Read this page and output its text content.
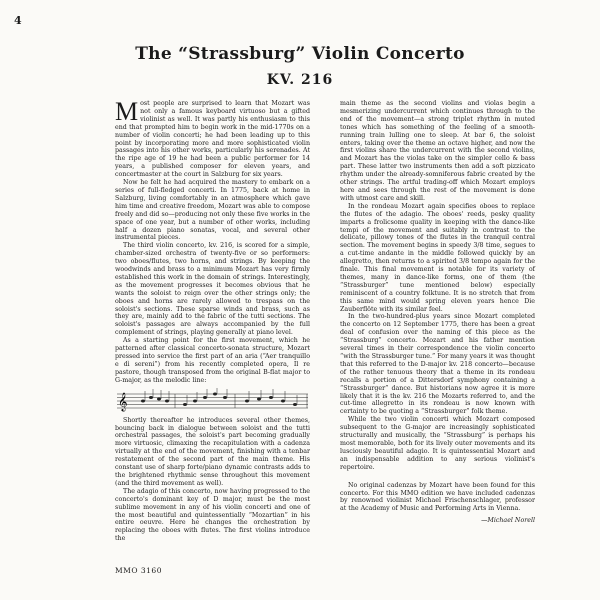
4
The “Strassburg” Violin Concerto
KV. 216

Most people are surprised to learn that Mozart was not only a famous keyboard virtuoso but a gifted violinist as well. It was partly his enthusiasm to this end that prompted him to begin work in the mid-1770s on a number of violin concerti; he had been leading up to this point by incorporating more and more sophisticated violin passages into his other works, particularly his serenades. At the ripe age of 19 he had been a public performer for 14 years, a published composer for eleven years, and concertmaster at the court in Salzburg for six years.

Now he felt he had acquired the mastery to embark on a series of full-fledged concerti. In 1775, back at home in Salzburg, living comfortably in an atmosphere which gave him time and creative freedom, Mozart was able to compose freely and did so—producing not only these five works in the space of one year, but a number of other works, including half a dozen piano sonatas, vocal, and several other instrumental pieces.

The third violin concerto, kv. 216, is scored for a simple, chamber-sized orchestra of twenty-five or so performers: two oboes/flutes, two horns, and strings. By keeping the woodwinds and brass to a minimum Mozart has very firmly established this work in the domain of strings. Interestingly, as the movement progresses it becomes obvious that he wants the soloist to reign over the other strings only; the oboes and horns are rarely allowed to trespass on the soloist's sections. These sparse winds and brass, such as they are, mainly add to the fabric of the tutti sections. The soloist's passages are always accompanied by the full complement of strings, playing generally at piano level.

As a starting point for the first movement, which he patterned after classical concerto-sonata structure, Mozart pressed into service the first part of an aria (“Aer tranquillo e dì sereni”) from his recently completed opera, Il re pastore, though transposed from the original B-flat major to G-major, as the melodic line:

𝄞

Shortly thereafter he introduces several other themes, bouncing back in dialogue between soloist and the tutti orchestral passages, the soloist's part becoming gradually more virtuosic, climaxing the recapitulation with a cadenza virtually at the end of the movement, finishing with a tenbar restatement of the second part of the main theme. His constant use of sharp forte/piano dynamic contrasts adds to the brightened rhythmic sense throughout this movement (and the third movement as well).

The adagio of this concerto, now having progressed to the concerto's dominant key of D major, must be the most sublime movement in any of his violin concerti and one of the most beautiful and quintessentially “Mozartian” in his entire oeuvre. Here he changes the orchestration by replacing the oboes with flutes. The first violins introduce the

main theme as the second violins and violas begin a mesmerizing undercurrent which continues through to the end of the movement—a strong triplet rhythm in muted tones which has something of the feeling of a smooth-running train lulling one to sleep. At bar 6, the soloist enters, taking over the theme an octave higher, and now the first violins share the undercurrent with the second violins, and Mozart has the violas take on the simpler cello & bass part. These latter two instruments then add a soft pizzicato rhythm under the already-somniferous fabric created by the other strings. The artful trading-off which Mozart employs here and sees through the rest of the movement is done with utmost care and skill.

In the rondeau Mozart again specifies oboes to replace the flutes of the adagio. The oboes' reeds, pesky quality imparts a frolicsome quality in keeping with the dance-like tempi of the movement and suitably in contrast to the delicate, pillowy tones of the flutes in the tranquil central section. The movement begins in speedy 3/8 time, segues to a cut-time andante in the middle followed quickly by an allegretto, then returns to a spirited 3/8 tempo again for the finale. This final movement is notable for its variety of themes, many in dance-like forms, one of them (the “Strassburger” tune mentioned below) especially reminiscent of a country folktune. It is no stretch that from this same mind would spring eleven years hence Die Zauberflöte with its similar feel.

In the two-hundred-plus years since Mozart completed the concerto on 12 September 1775, there has been a great deal of confusion over the naming of this piece as the “Strassburg” concerto. Mozart and his father mention several times in their correspondence the violin concerto “with the Strassburger tune.” For many years it was thought that this referred to the D-major kv. 218 concerto—because of the rather tenuous theory that a theme in its rondeau recalls a portion of a Dittersdorf symphony containing a “Strassburger” dance. But historians now agree it is more likely that it is the kv. 216 the Mozarts referred to, and the cut-time allegretto in its rondeau is now known with certainty to be quoting a “Strassburger” folk theme.

While the two violin concerti which Mozart composed subsequent to the G-major are increasingly sophisticated structurally and musically, the “Strassburg” is perhaps his most memorable, both for its lively outer movements and its lusciously beautiful adagio. It is quintessential Mozart and an indispensable addition to any serious violinist's repertoire.

No original cadenzas by Mozart have been found for this concerto. For this MMO edition we have included cadenzas by renowned violinist Michael Frischenschlager, professor at the Academy of Music and Performing Arts in Vienna.

—Michael Norell
MMO 3160
